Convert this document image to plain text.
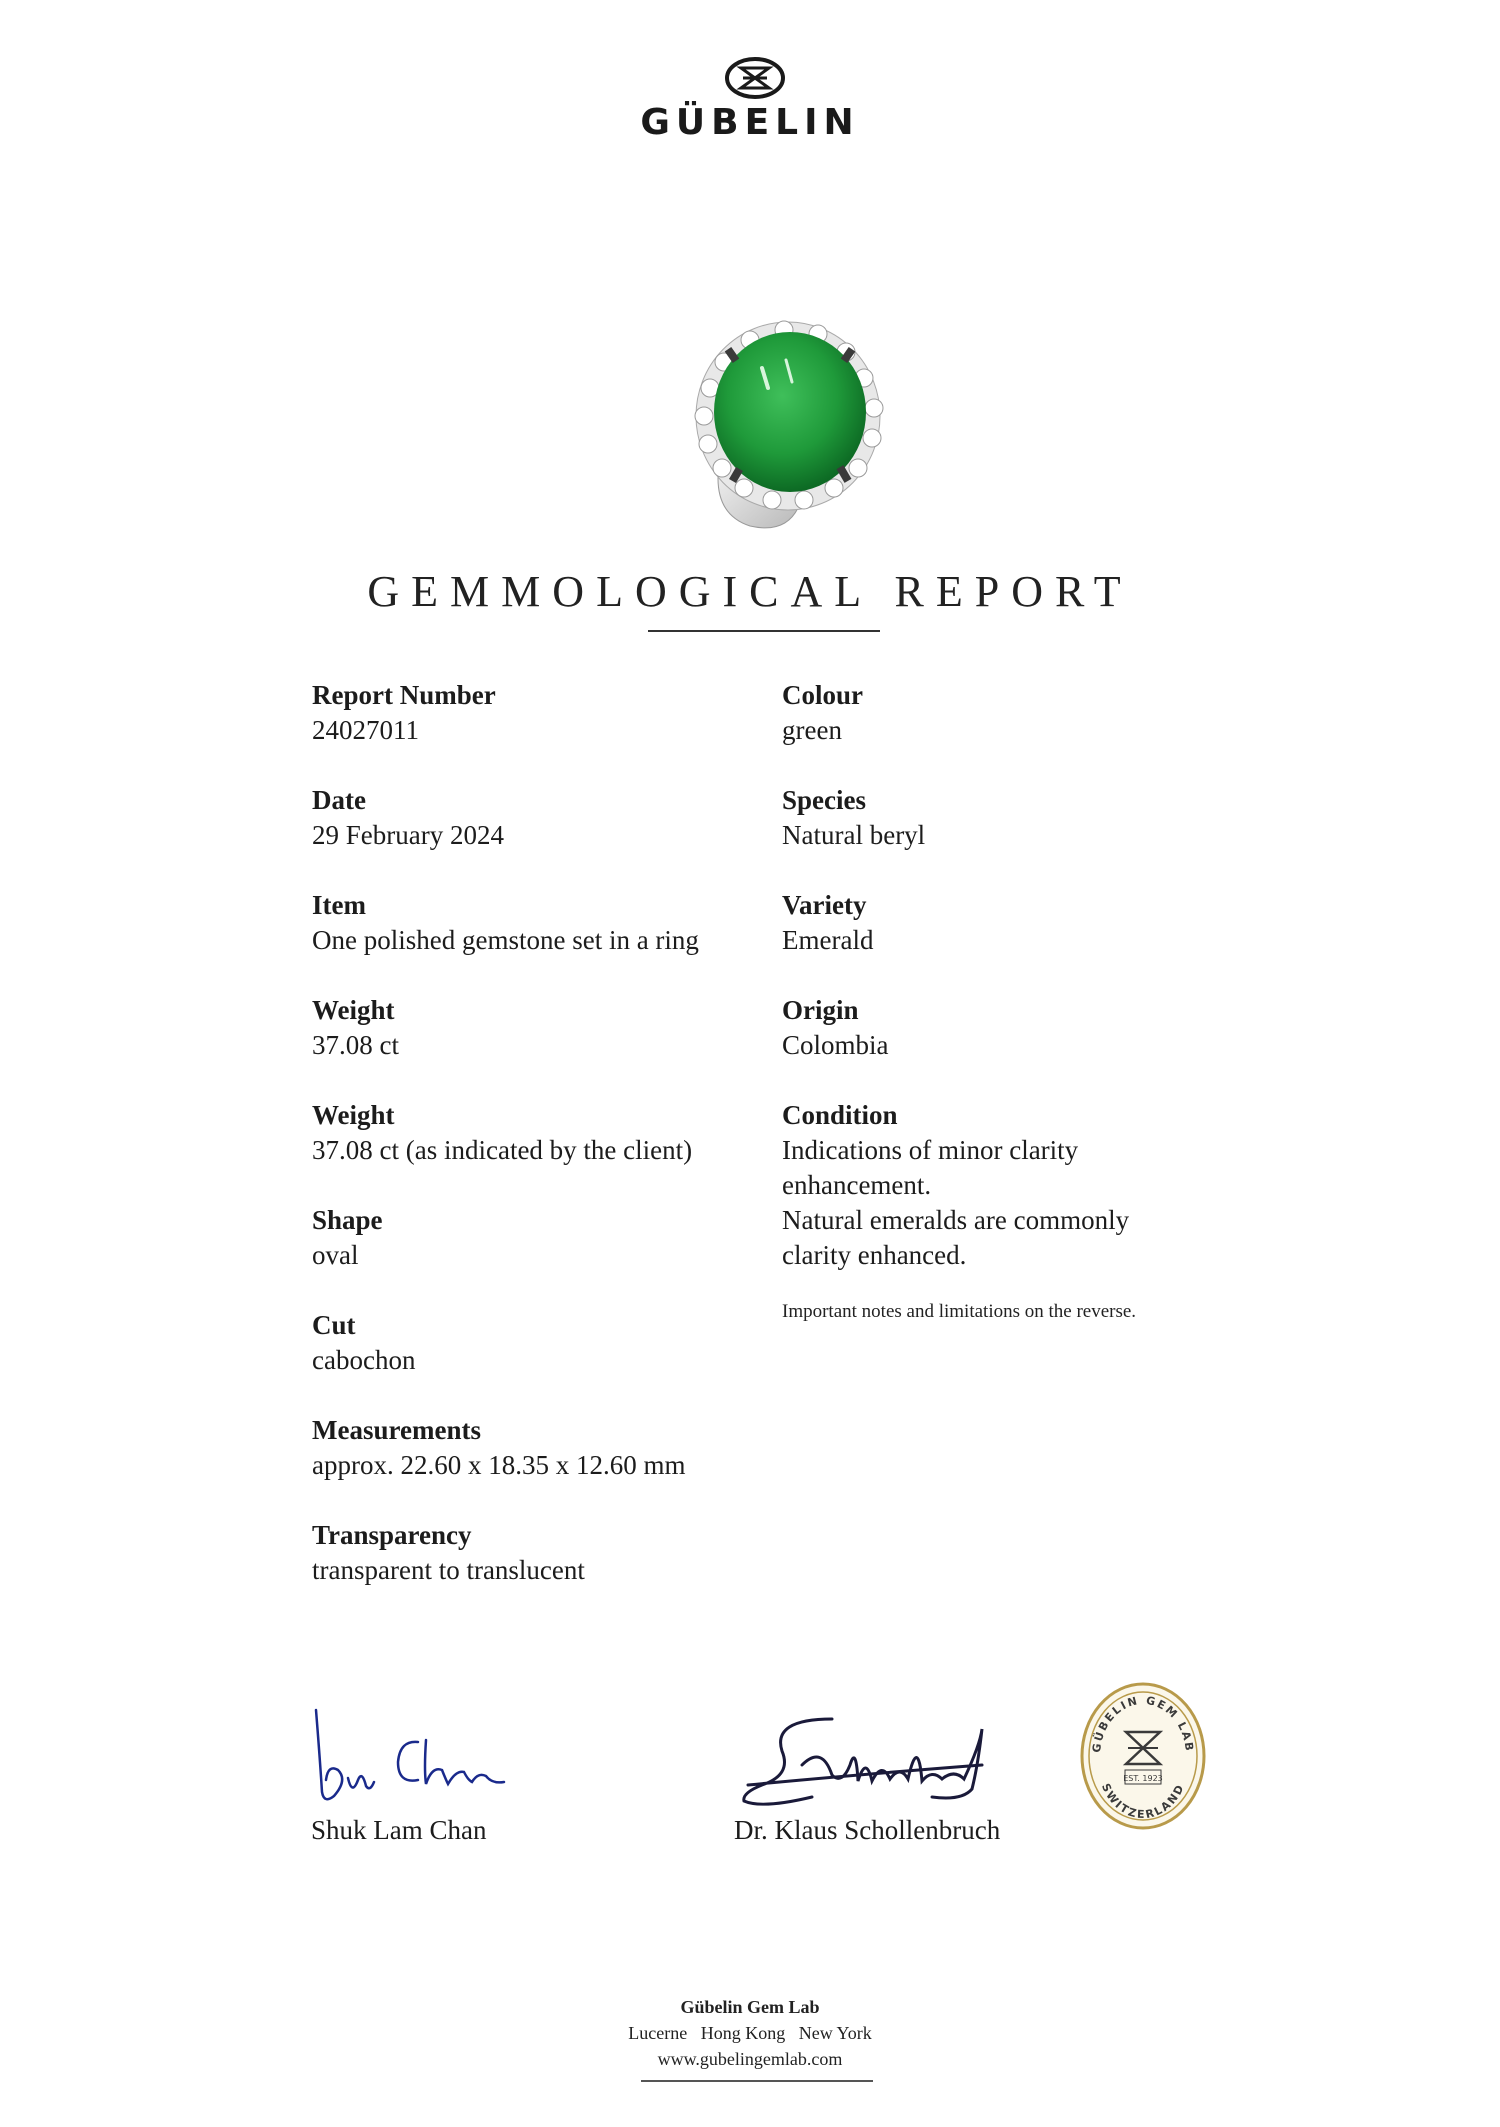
GÜBELIN
GEMMOLOGICAL REPORT
Report Number
24027011
Date
29 February 2024
Item
One polished gemstone set in a ring
Weight
37.08 ct
Weight
37.08 ct (as indicated by the client)
Shape
oval
Cut
cabochon
Measurements
approx. 22.60 x 18.35 x 12.60 mm
Transparency
transparent to translucent
Colour
green
Species
Natural beryl
Variety
Emerald
Origin
Colombia
Condition
Indications of minor clarity
enhancement.
Natural emeralds are commonly
clarity enhanced.
Important notes and limitations on the reverse.
Shuk Lam Chan	Dr. Klaus Schollenbruch
GÜBELIN GEM LAB
SWITZERLAND
EST. 1923
Gübelin Gem Lab
Lucerne   Hong Kong   New York
www.gubelingemlab.com
